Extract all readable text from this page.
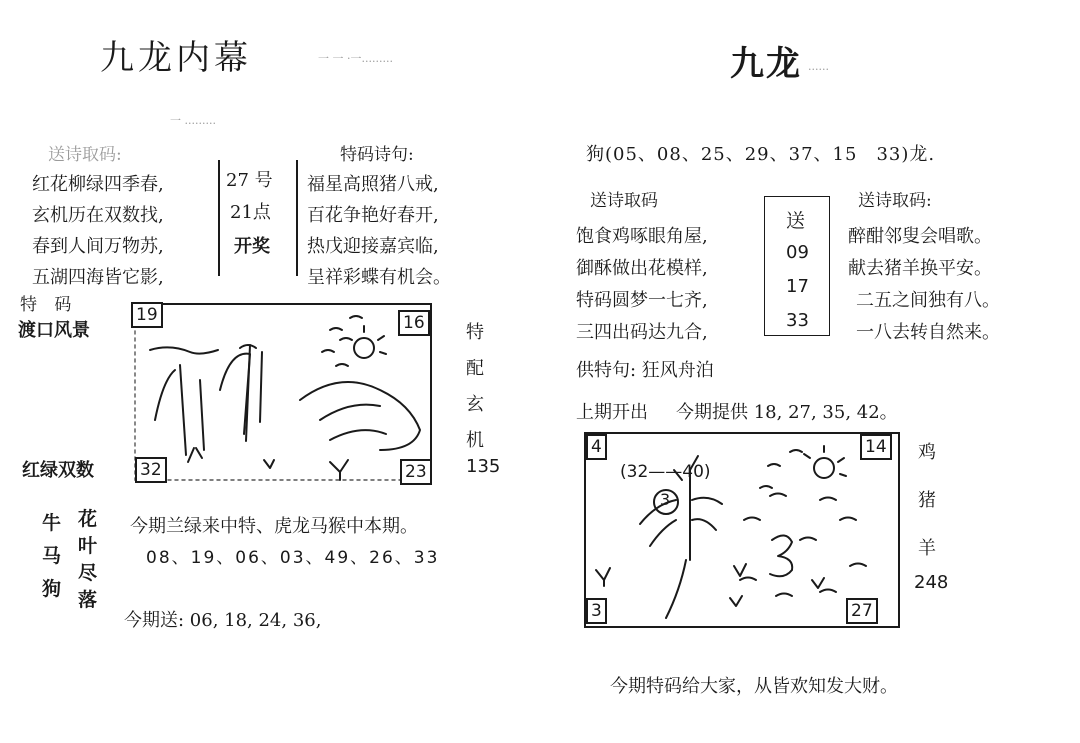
九龙内幕	一 一 ·一.........
一 .........
送诗取码:	特码诗句:
红花柳绿四季春,
玄机历在双数找,
春到人间万物苏,
五湖四海皆它影,
27 号
21点
开奖
福星高照猪八戒,
百花争艳好春开,
热戊迎接嘉宾临,
呈祥彩蝶有机会。
特 码
渡口风景
红绿双数
19	16
32	23
特
配
玄
机
135
牛
马
狗
花
叶
尽
落
今期兰绿来中特、虎龙马猴中本期。
08、19、06、03、49、26、33
今期送: 06, 18, 24, 36,
九龙 ......
狗(05、08、25、29、37、15　33)龙.
送诗取码	送诗取码:
饱食鸡啄眼角屋,
御酥做出花模样,
特码圆梦一七齐,
三四出码达九合,
送
09
17
33
醉酣邻叟会唱歌。
献去猪羊换平安。
二五之间独有八。
一八去转自然来。
供特句: 狂风舟泊
上期开出 今期提供 18, 27, 35, 42。
(32——40)
3
4	14
3	27
鸡
猪
羊
248
今期特码给大家，从皆欢知发大财。
